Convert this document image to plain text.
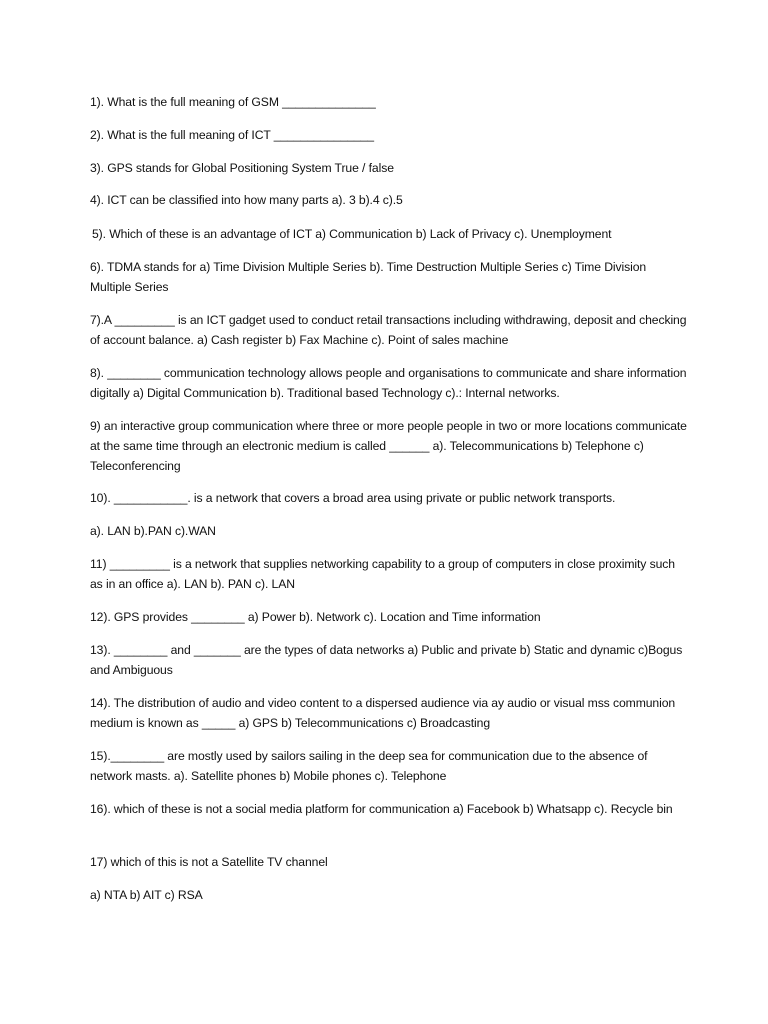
1). What is the full meaning of GSM ______________

2). What is the full meaning of ICT _______________

3). GPS stands for Global Positioning System True / false

4). ICT can be classified into how many parts a). 3 b).4 c).5

5). Which of these is an advantage of ICT a) Communication b) Lack of Privacy c). Unemployment

6). TDMA stands for a) Time Division Multiple Series b). Time Destruction Multiple Series c) Time Division Multiple Series

7).A _________ is an ICT gadget used to conduct retail transactions including withdrawing, deposit and checking of account balance. a) Cash register b) Fax Machine c). Point of sales machine

8). ________ communication technology allows people and organisations to communicate and share information digitally a) Digital Communication b). Traditional based Technology c).: Internal networks.

9) an interactive group communication where three or more people people in two or more locations communicate at the same time through an electronic medium is called ______ a). Telecommunications b) Telephone c) Teleconferencing

10). ___________. is a network that covers a broad area using private or public network transports.

a). LAN b).PAN c).WAN

11) _________ is a network that supplies networking capability to a group of computers in close proximity such as in an office a). LAN b). PAN c). LAN

12). GPS provides ________ a) Power b). Network c). Location and Time information

13). ________ and _______ are the types of data networks a) Public and private b) Static and dynamic c)Bogus and Ambiguous

14). The distribution of audio and video content to a dispersed audience via ay audio or visual mss communion medium is known as _____ a) GPS b) Telecommunications c) Broadcasting

15).________ are mostly used by sailors sailing in the deep sea for communication due to the absence of network masts. a). Satellite phones b) Mobile phones c). Telephone

16). which of these is not a social media platform for communication a) Facebook b) Whatsapp c). Recycle bin

17) which of this is not a Satellite TV channel

a) NTA b) AIT c) RSA
